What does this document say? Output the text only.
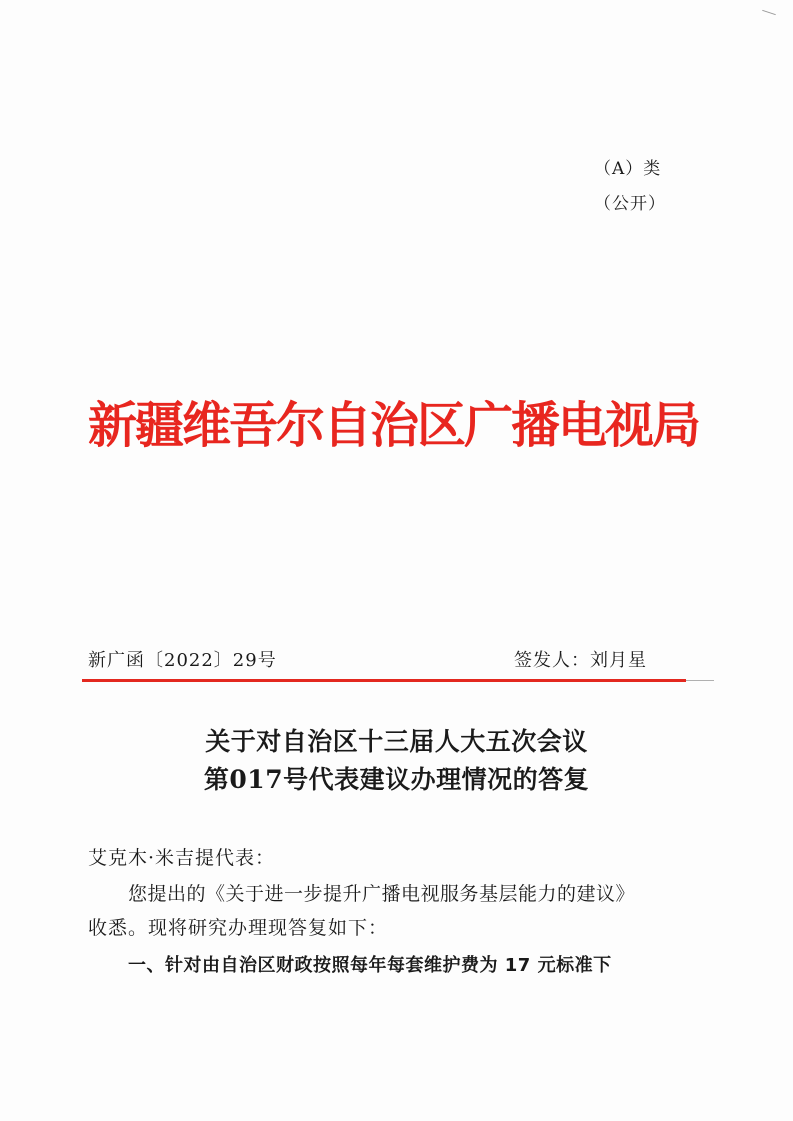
（A）类
（公开）
新疆维吾尔自治区广播电视局
新广函〔2022〕29号	签发人：刘月星
关于对自治区十三届人大五次会议
第017号代表建议办理情况的答复
艾克木·米吉提代表：
您提出的《关于进一步提升广播电视服务基层能力的建议》
收悉。现将研究办理现答复如下：
一、针对由自治区财政按照每年每套维护费为 17 元标准下
